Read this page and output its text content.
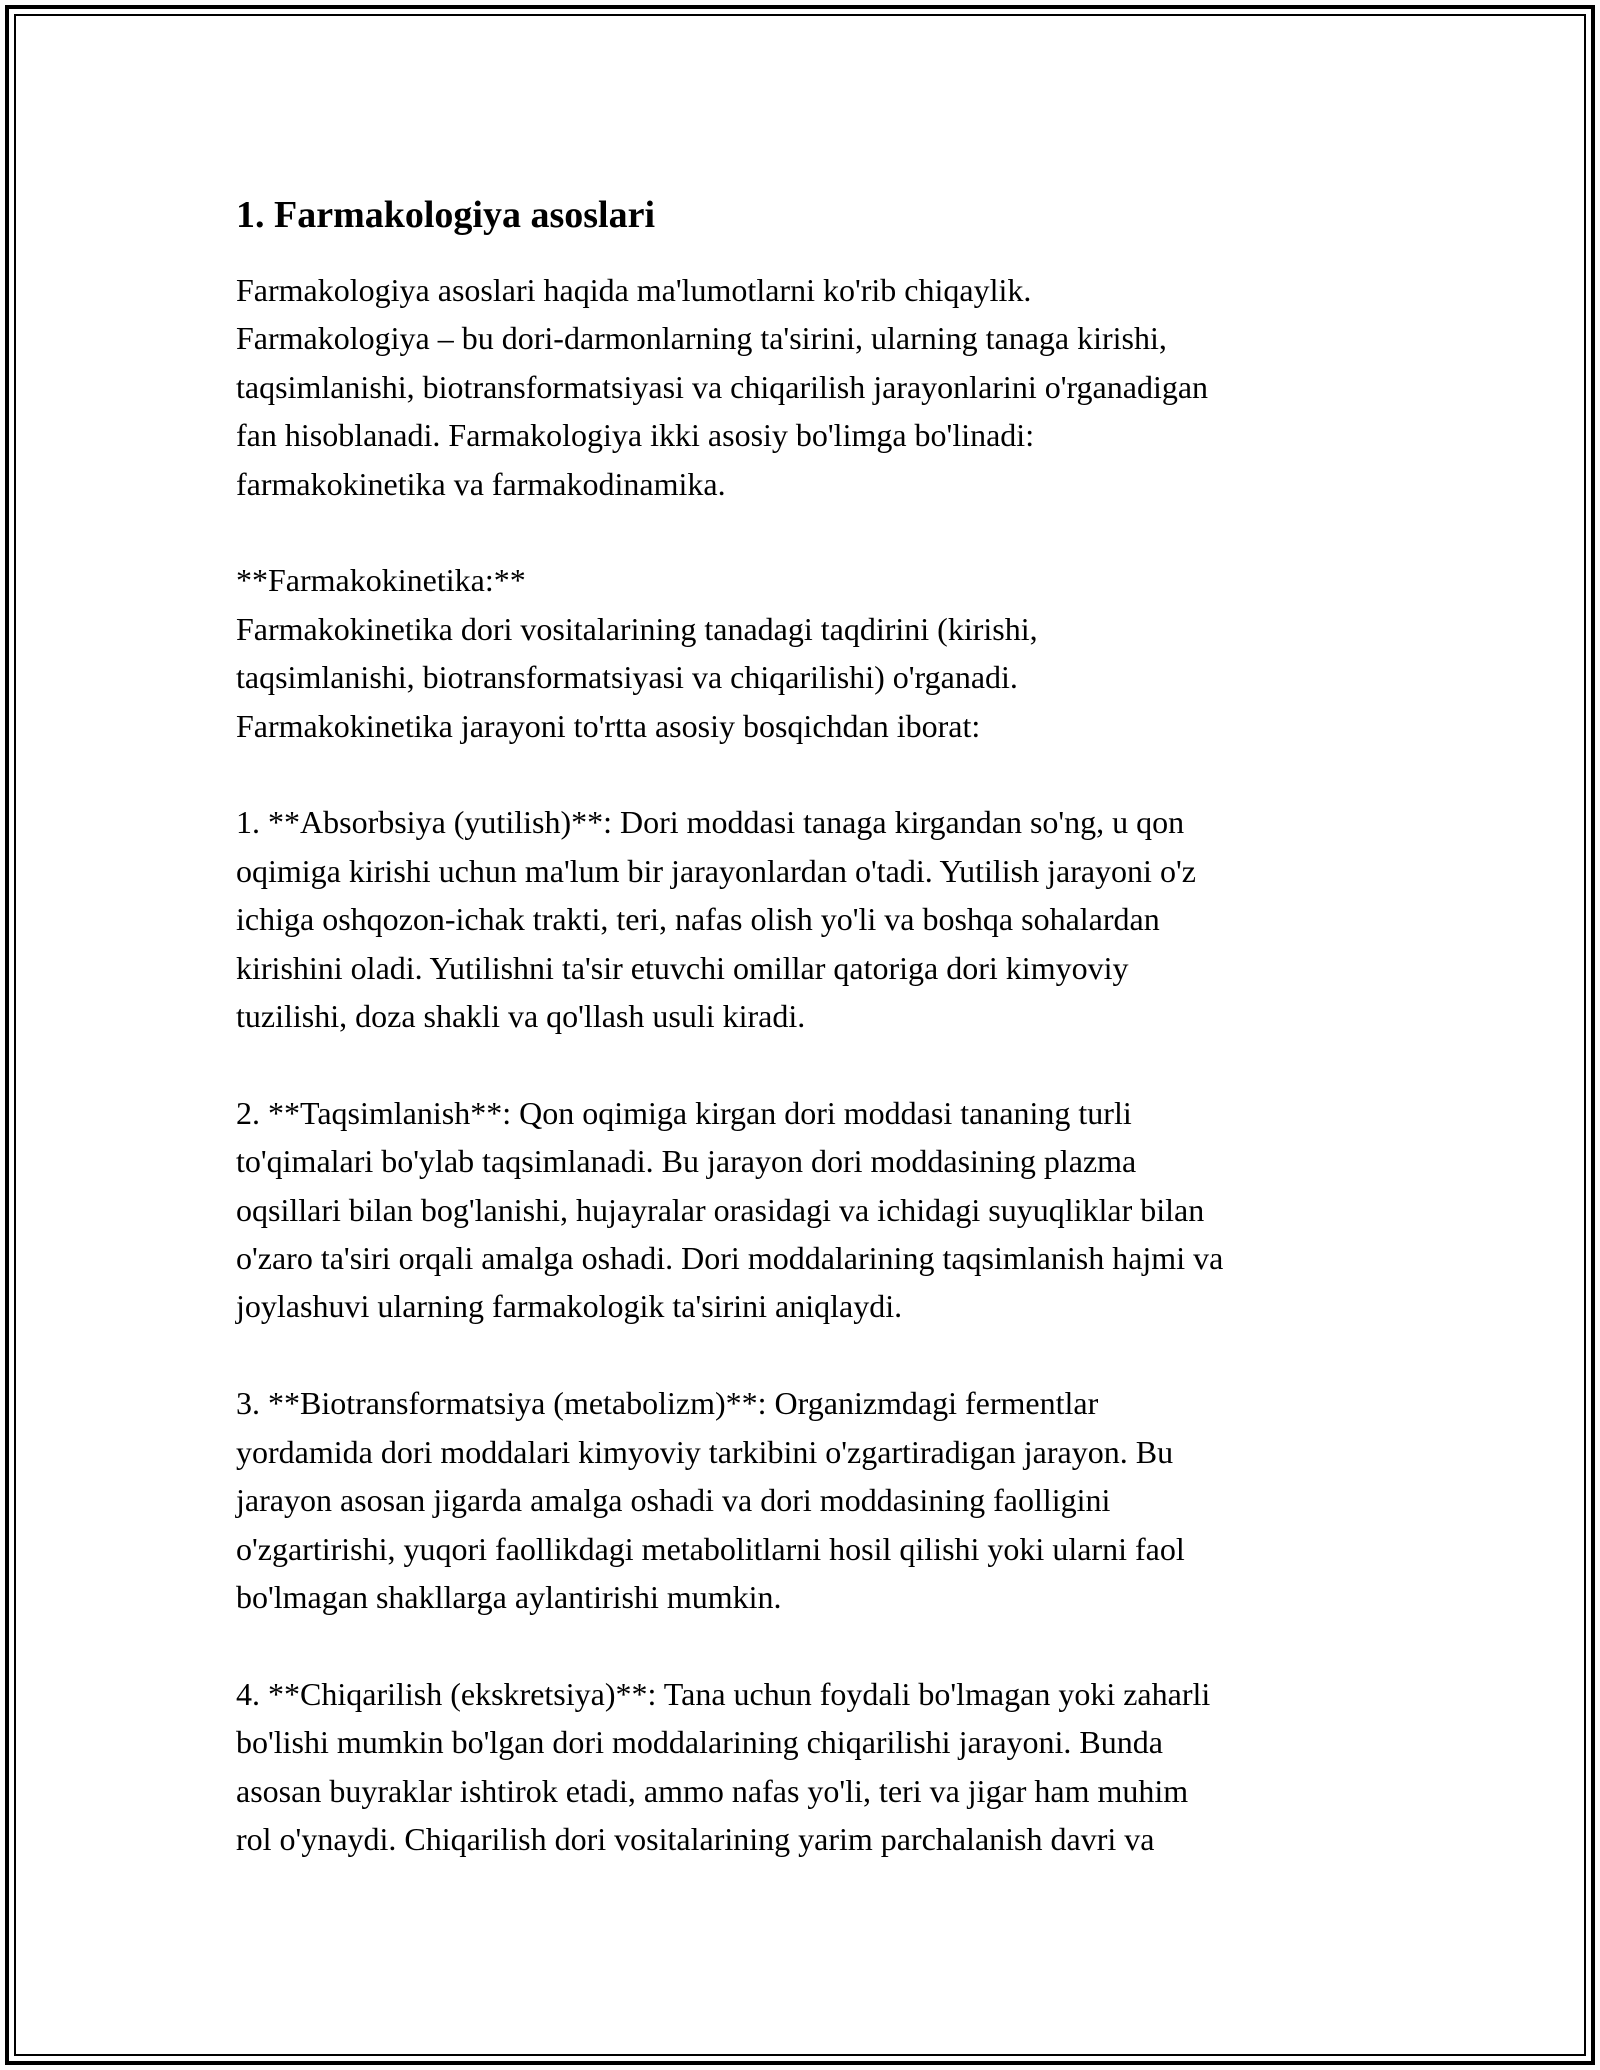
1. Farmakologiya asoslari

Farmakologiya asoslari haqida ma'lumotlarni ko'rib chiqaylik.
Farmakologiya – bu dori-darmonlarning ta'sirini, ularning tanaga kirishi,
taqsimlanishi, biotransformatsiyasi va chiqarilish jarayonlarini o'rganadigan
fan hisoblanadi. Farmakologiya ikki asosiy bo'limga bo'linadi:
farmakokinetika va farmakodinamika.

**Farmakokinetika:**
Farmakokinetika dori vositalarining tanadagi taqdirini (kirishi,
taqsimlanishi, biotransformatsiyasi va chiqarilishi) o'rganadi.
Farmakokinetika jarayoni to'rtta asosiy bosqichdan iborat:

1. **Absorbsiya (yutilish)**: Dori moddasi tanaga kirgandan so'ng, u qon
oqimiga kirishi uchun ma'lum bir jarayonlardan o'tadi. Yutilish jarayoni o'z
ichiga oshqozon-ichak trakti, teri, nafas olish yo'li va boshqa sohalardan
kirishini oladi. Yutilishni ta'sir etuvchi omillar qatoriga dori kimyoviy
tuzilishi, doza shakli va qo'llash usuli kiradi.

2. **Taqsimlanish**: Qon oqimiga kirgan dori moddasi tananing turli
to'qimalari bo'ylab taqsimlanadi. Bu jarayon dori moddasining plazma
oqsillari bilan bog'lanishi, hujayralar orasidagi va ichidagi suyuqliklar bilan
o'zaro ta'siri orqali amalga oshadi. Dori moddalarining taqsimlanish hajmi va
joylashuvi ularning farmakologik ta'sirini aniqlaydi.

3. **Biotransformatsiya (metabolizm)**: Organizmdagi fermentlar
yordamida dori moddalari kimyoviy tarkibini o'zgartiradigan jarayon. Bu
jarayon asosan jigarda amalga oshadi va dori moddasining faolligini
o'zgartirishi, yuqori faollikdagi metabolitlarni hosil qilishi yoki ularni faol
bo'lmagan shakllarga aylantirishi mumkin.

4. **Chiqarilish (ekskretsiya)**: Tana uchun foydali bo'lmagan yoki zaharli
bo'lishi mumkin bo'lgan dori moddalarining chiqarilishi jarayoni. Bunda
asosan buyraklar ishtirok etadi, ammo nafas yo'li, teri va jigar ham muhim
rol o'ynaydi. Chiqarilish dori vositalarining yarim parchalanish davri va
